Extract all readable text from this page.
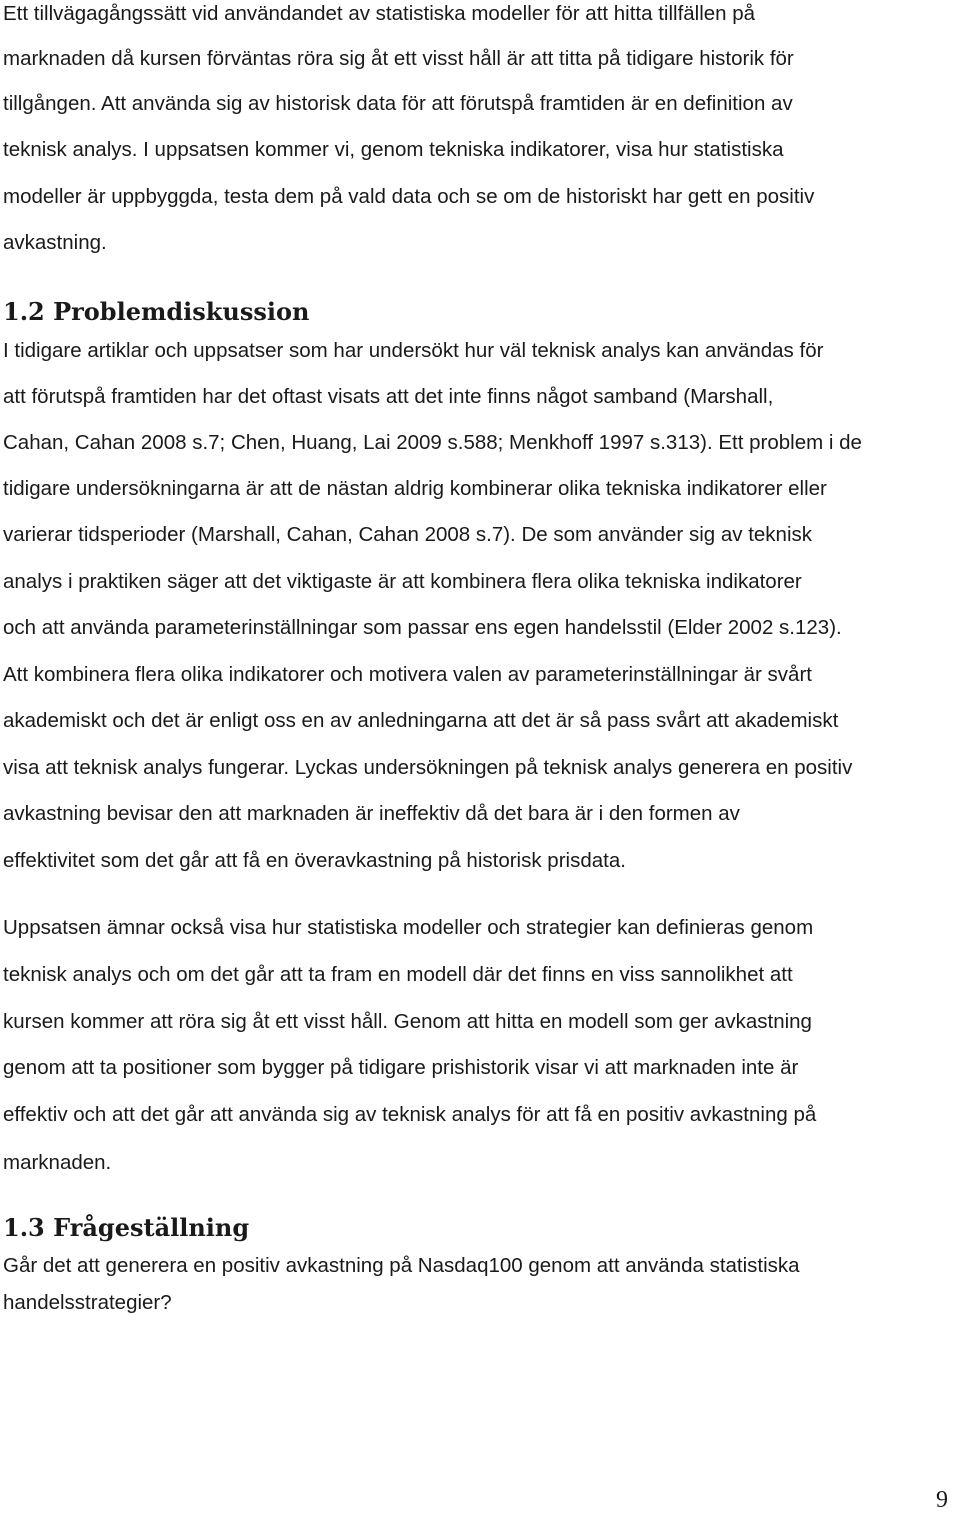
Ett tillvägagångssätt vid användandet av statistiska modeller för att hitta tillfällen på
marknaden då kursen förväntas röra sig åt ett visst håll är att titta på tidigare historik för
tillgången. Att använda sig av historisk data för att förutspå framtiden är en definition av
teknisk analys. I uppsatsen kommer vi, genom tekniska indikatorer, visa hur statistiska
modeller är uppbyggda, testa dem på vald data och se om de historiskt har gett en positiv
avkastning.
1.2 Problemdiskussion
I tidigare artiklar och uppsatser som har undersökt hur väl teknisk analys kan användas för
att förutspå framtiden har det oftast visats att det inte finns något samband (Marshall,
Cahan, Cahan 2008 s.7; Chen, Huang, Lai 2009 s.588; Menkhoff 1997 s.313). Ett problem i de
tidigare undersökningarna är att de nästan aldrig kombinerar olika tekniska indikatorer eller
varierar tidsperioder (Marshall, Cahan, Cahan 2008 s.7). De som använder sig av teknisk
analys i praktiken säger att det viktigaste är att kombinera flera olika tekniska indikatorer
och att använda parameterinställningar som passar ens egen handelsstil (Elder 2002 s.123).
Att kombinera flera olika indikatorer och motivera valen av parameterinställningar är svårt
akademiskt och det är enligt oss en av anledningarna att det är så pass svårt att akademiskt
visa att teknisk analys fungerar. Lyckas undersökningen på teknisk analys generera en positiv
avkastning bevisar den att marknaden är ineffektiv då det bara är i den formen av
effektivitet som det går att få en överavkastning på historisk prisdata.
Uppsatsen ämnar också visa hur statistiska modeller och strategier kan definieras genom
teknisk analys och om det går att ta fram en modell där det finns en viss sannolikhet att
kursen kommer att röra sig åt ett visst håll. Genom att hitta en modell som ger avkastning
genom att ta positioner som bygger på tidigare prishistorik visar vi att marknaden inte är
effektiv och att det går att använda sig av teknisk analys för att få en positiv avkastning på
marknaden.
1.3 Frågeställning
Går det att generera en positiv avkastning på Nasdaq100 genom att använda statistiska
handelsstrategier?
9
